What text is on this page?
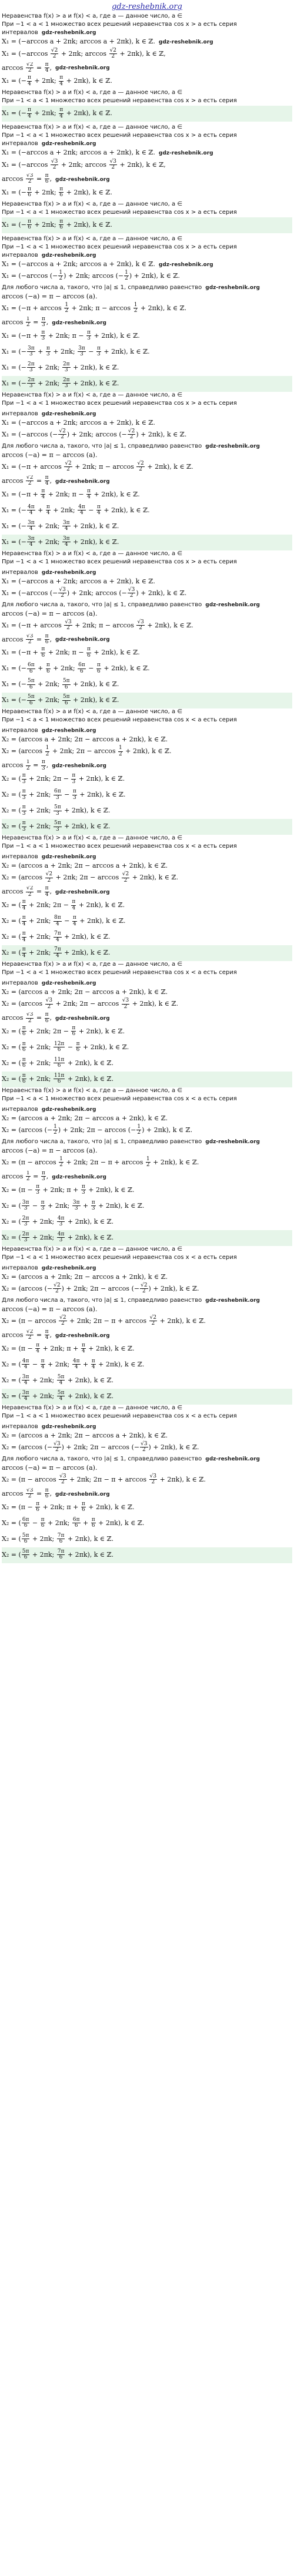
gdz-reshebnik.org
Неравенства f(x) > a и f(x) < a, где a — данное число, a ∈
При −1 < a < 1 множество всех решений неравенства cos x > a есть серия
интервалов gdz-reshebnik.org
X₁ = (−arccos a + 2πk; arccos a + 2πk), k ∈ ℤ. gdz-reshebnik.org
$X_1 = (-\arccos \frac{√2}{2} + 2\pi k$; $\arccos \frac{√2}{2} + 2\pi k$), k ∈ ℤ,
$\arccos \frac{√2}{2} = \frac{\pi}{4}$ , gdz-reshebnik.org
X₁ = (− $\frac{\pi}{4} + 2\pi k$; $\frac{\pi}{4} + 2\pi k$), k ∈ ℤ.
Неравенства f(x) > a и f(x) < a, где a — данное число, a ∈
При −1 < a < 1 множество всех решений неравенства cos x > a есть серия
X₁ = (− $\frac{\pi}{4} + 2\pi k$; $\frac{\pi}{4} + 2\pi k$), k ∈ ℤ.
Неравенства f(x) > a и f(x) < a, где a — данное число, a ∈
При −1 < a < 1 множество всех решений неравенства cos x > a есть серия
интервалов gdz-reshebnik.org
X₁ = (−arccos a + 2πk; arccos a + 2πk), k ∈ ℤ. gdz-reshebnik.org
$X_1 = (-\arccos \frac{√3}{2} + 2\pi k$; $\arccos \frac{√3}{2} + 2\pi k$), k ∈ ℤ,
$\arccos \frac{√3}{2} = \frac{\pi}{6}$ , gdz-reshebnik.org
X₁ = (− $\frac{\pi}{6} + 2\pi k$; $\frac{\pi}{6} + 2\pi k$), k ∈ ℤ.
Неравенства f(x) > a и f(x) < a, где a — данное число, a ∈
При −1 < a < 1 множество всех решений неравенства cos x > a есть серия
X₁ = (− $\frac{\pi}{6} + 2\pi k$; $\frac{\pi}{6} + 2\pi k$), k ∈ ℤ.
Неравенства f(x) > a и f(x) < a, где a — данное число, a ∈
При −1 < a < 1 множество всех решений неравенства cos x > a есть серия
интервалов gdz-reshebnik.org
X₁ = (−arccos a + 2πk; arccos a + 2πk), k ∈ ℤ. gdz-reshebnik.org
X₁ = (−arccos (− $\frac{1}{2}$ ) + 2πk; arccos (− $\frac{1}{2}$ ) + 2πk), k ∈ ℤ.
Для любого числа a, такого, что |a| ≤ 1, справедливо равенство gdz-reshebnik.org
arccos (−a) = π − arccos (a).
$X_1 = (-\pi + \arccos \frac{1}{2} + 2\pi k$; $\pi - \arccos \frac{1}{2} + 2\pi k$), k ∈ ℤ.
$\arccos \frac{1}{2} = \frac{\pi}{3}$ , gdz-reshebnik.org
$X_1 = (-\pi + \frac{\pi}{3} + 2\pi k$; $\pi - \frac{\pi}{3} + 2\pi k$), k ∈ ℤ.
X₁ = (− $\frac{3\pi}{3} + \frac{\pi}{3} + 2\pi k$; $\frac{3\pi}{3} - \frac{\pi}{3} + 2\pi k$), k ∈ ℤ.
X₁ = (− $\frac{2\pi}{3} + 2\pi k$; $\frac{2\pi}{3} + 2\pi k$), k ∈ ℤ.
X₁ = (− $\frac{2\pi}{3} + 2\pi k$; $\frac{2\pi}{3} + 2\pi k$), k ∈ ℤ.
Неравенства f(x) > a и f(x) < a, где a — данное число, a ∈
При −1 < a < 1 множество всех решений неравенства cos x > a есть серия
интервалов gdz-reshebnik.org
X₁ = (−arccos a + 2πk; arccos a + 2πk), k ∈ ℤ.
X₁ = (−arccos (− $\frac{√2}{2}$ ) + 2πk; arccos (− $\frac{√2}{2}$ ) + 2πk), k ∈ ℤ.
Для любого числа a, такого, что |a| ≤ 1, справедливо равенство gdz-reshebnik.org
arccos (−a) = π − arccos (a).
$X_1 = (-\pi + \arccos \frac{√2}{2} + 2\pi k$; $\pi - \arccos \frac{√2}{2} + 2\pi k$), k ∈ ℤ.
$\arccos \frac{√2}{2} = \frac{\pi}{4}$ , gdz-reshebnik.org
$X_1 = (-\pi + \frac{\pi}{4} + 2\pi k$; $\pi - \frac{\pi}{4} + 2\pi k$), k ∈ ℤ.
X₁ = (− $\frac{4\pi}{4} + \frac{\pi}{4} + 2\pi k$; $\frac{4\pi}{4} - \frac{\pi}{4} + 2\pi k$), k ∈ ℤ.
X₁ = (− $\frac{3\pi}{4} + 2\pi k$; $\frac{3\pi}{4} + 2\pi k$), k ∈ ℤ.
X₁ = (− $\frac{3\pi}{4} + 2\pi k$; $\frac{3\pi}{4} + 2\pi k$), k ∈ ℤ.
Неравенства f(x) > a и f(x) < a, где a — данное число, a ∈
При −1 < a < 1 множество всех решений неравенства cos x > a есть серия
интервалов gdz-reshebnik.org
X₁ = (−arccos a + 2πk; arccos a + 2πk), k ∈ ℤ.
X₁ = (−arccos (− $\frac{√3}{2}$ ) + 2πk; arccos (− $\frac{√3}{2}$ ) + 2πk), k ∈ ℤ.
Для любого числа a, такого, что |a| ≤ 1, справедливо равенство gdz-reshebnik.org
arccos (−a) = π − arccos (a).
$X_1 = (-\pi + \arccos \frac{√3}{2} + 2\pi k$; $\pi - \arccos \frac{√3}{2} + 2\pi k$), k ∈ ℤ.
$\arccos \frac{√3}{2} = \frac{\pi}{6}$ , gdz-reshebnik.org
$X_1 = (-\pi + \frac{\pi}{6} + 2\pi k$; $\pi - \frac{\pi}{6} + 2\pi k$), k ∈ ℤ.
X₁ = (− $\frac{6\pi}{6} + \frac{\pi}{6} + 2\pi k$; $\frac{6\pi}{6} - \frac{\pi}{6} + 2\pi k$), k ∈ ℤ.
X₁ = (− $\frac{5\pi}{6} + 2\pi k$; $\frac{5\pi}{6} + 2\pi k$), k ∈ ℤ.
X₁ = (− $\frac{5\pi}{6} + 2\pi k$; $\frac{5\pi}{6} + 2\pi k$), k ∈ ℤ.
Неравенства f(x) > a и f(x) < a, где a — данное число, a ∈
При −1 < a < 1 множество всех решений неравенства cos x < a есть серия
интервалов gdz-reshebnik.org
X₂ = (arccos a + 2πk; 2π − arccos a + 2πk), k ∈ ℤ.
$X_2 = (\arccos \frac{1}{2} + 2\pi k$; $2\pi - \arccos \frac{1}{2} + 2\pi k$), k ∈ ℤ.
$\arccos \frac{1}{2} = \frac{\pi}{3}$ , gdz-reshebnik.org
X₂ = ( $\frac{\pi}{3} + 2\pi k$; $2\pi - \frac{\pi}{3} + 2\pi k$), k ∈ ℤ.
X₂ = ( $\frac{\pi}{3} + 2\pi k$; $\frac{6\pi}{3} - \frac{\pi}{3} + 2\pi k$), k ∈ ℤ.
X₂ = ( $\frac{\pi}{3} + 2\pi k$; $\frac{5\pi}{3} + 2\pi k$), k ∈ ℤ.
X₂ = ( $\frac{\pi}{3} + 2\pi k$; $\frac{5\pi}{3} + 2\pi k$), k ∈ ℤ.
Неравенства f(x) > a и f(x) < a, где a — данное число, a ∈
При −1 < a < 1 множество всех решений неравенства cos x < a есть серия
интервалов gdz-reshebnik.org
X₂ = (arccos a + 2πk; 2π − arccos a + 2πk), k ∈ ℤ.
$X_2 = (\arccos \frac{√2}{2} + 2\pi k$; $2\pi - \arccos \frac{√2}{2} + 2\pi k$), k ∈ ℤ.
$\arccos \frac{√2}{2} = \frac{\pi}{4}$ , gdz-reshebnik.org
X₂ = ( $\frac{\pi}{4} + 2\pi k$; $2\pi - \frac{\pi}{4} + 2\pi k$), k ∈ ℤ.
X₂ = ( $\frac{\pi}{4} + 2\pi k$; $\frac{8\pi}{4} - \frac{\pi}{4} + 2\pi k$), k ∈ ℤ.
X₂ = ( $\frac{\pi}{4} + 2\pi k$; $\frac{7\pi}{4} + 2\pi k$), k ∈ ℤ.
X₂ = ( $\frac{\pi}{4} + 2\pi k$; $\frac{7\pi}{4} + 2\pi k$), k ∈ ℤ.
Неравенства f(x) > a и f(x) < a, где a — данное число, a ∈
При −1 < a < 1 множество всех решений неравенства cos x < a есть серия
интервалов gdz-reshebnik.org
X₂ = (arccos a + 2πk; 2π − arccos a + 2πk), k ∈ ℤ.
$X_2 = (\arccos \frac{√3}{2} + 2\pi k$; $2\pi - \arccos \frac{√3}{2} + 2\pi k$), k ∈ ℤ.
$\arccos \frac{√3}{2} = \frac{\pi}{6}$ , gdz-reshebnik.org
X₂ = ( $\frac{\pi}{6} + 2\pi k$; $2\pi - \frac{\pi}{6} + 2\pi k$), k ∈ ℤ.
X₂ = ( $\frac{\pi}{6} + 2\pi k$; $\frac{12\pi}{6} - \frac{\pi}{6} + 2\pi k$), k ∈ ℤ.
X₂ = ( $\frac{\pi}{6} + 2\pi k$; $\frac{11\pi}{6} + 2\pi k$), k ∈ ℤ.
X₂ = ( $\frac{\pi}{6} + 2\pi k$; $\frac{11\pi}{6} + 2\pi k$), k ∈ ℤ.
Неравенства f(x) > a и f(x) < a, где a — данное число, a ∈
При −1 < a < 1 множество всех решений неравенства cos x < a есть серия
интервалов gdz-reshebnik.org
X₂ = (arccos a + 2πk; 2π − arccos a + 2πk), k ∈ ℤ.
X₂ = (arccos (− $\frac{1}{2}$ ) + 2πk; 2π − arccos (− $\frac{1}{2}$ ) + 2πk), k ∈ ℤ.
Для любого числа a, такого, что |a| ≤ 1, справедливо равенство gdz-reshebnik.org
arccos (−a) = π − arccos (a).
$X_2 = (\pi - \arccos \frac{1}{2} + 2\pi k$; $2\pi - \pi + \arccos \frac{1}{2} + 2\pi k$), k ∈ ℤ.
$\arccos \frac{1}{2} = \frac{\pi}{3}$ , gdz-reshebnik.org
$X_2 = (\pi - \frac{\pi}{3} + 2\pi k$; $\pi + \frac{\pi}{3} + 2\pi k$), k ∈ ℤ.
X₂ = ( $\frac{3\pi}{3} - \frac{\pi}{3} + 2\pi k$; $\frac{3\pi}{3} + \frac{\pi}{3} + 2\pi k$), k ∈ ℤ.
X₂ = ( $\frac{2\pi}{3} + 2\pi k$; $\frac{4\pi}{3} + 2\pi k$), k ∈ ℤ.
X₂ = ( $\frac{2\pi}{3} + 2\pi k$; $\frac{4\pi}{3} + 2\pi k$), k ∈ ℤ.
Неравенства f(x) > a и f(x) < a, где a — данное число, a ∈
При −1 < a < 1 множество всех решений неравенства cos x < a есть серия
интервалов gdz-reshebnik.org
X₂ = (arccos a + 2πk; 2π − arccos a + 2πk), k ∈ ℤ.
X₂ = (arccos (− $\frac{√2}{2}$ ) + 2πk; 2π − arccos (− $\frac{√2}{2}$ ) + 2πk), k ∈ ℤ.
Для любого числа a, такого, что |a| ≤ 1, справедливо равенство gdz-reshebnik.org
arccos (−a) = π − arccos (a).
$X_2 = (\pi - \arccos \frac{√2}{2} + 2\pi k$; $2\pi - \pi + \arccos \frac{√2}{2} + 2\pi k$), k ∈ ℤ.
$\arccos \frac{√2}{2} = \frac{\pi}{4}$ , gdz-reshebnik.org
$X_2 = (\pi - \frac{\pi}{4} + 2\pi k$; $\pi + \frac{\pi}{4} + 2\pi k$), k ∈ ℤ.
X₂ = ( $\frac{4\pi}{4} - \frac{\pi}{4} + 2\pi k$; $\frac{4\pi}{4} + \frac{\pi}{4} + 2\pi k$), k ∈ ℤ.
X₂ = ( $\frac{3\pi}{4} + 2\pi k$; $\frac{5\pi}{4} + 2\pi k$), k ∈ ℤ.
X₂ = ( $\frac{3\pi}{4} + 2\pi k$; $\frac{5\pi}{4} + 2\pi k$), k ∈ ℤ.
Неравенства f(x) > a и f(x) < a, где a — данное число, a ∈
При −1 < a < 1 множество всех решений неравенства cos x < a есть серия
интервалов gdz-reshebnik.org
X₂ = (arccos a + 2πk; 2π − arccos a + 2πk), k ∈ ℤ.
X₂ = (arccos (− $\frac{√3}{2}$ ) + 2πk; 2π − arccos (− $\frac{√3}{2}$ ) + 2πk), k ∈ ℤ.
Для любого числа a, такого, что |a| ≤ 1, справедливо равенство gdz-reshebnik.org
arccos (−a) = π − arccos (a).
$X_2 = (\pi - \arccos \frac{√3}{2} + 2\pi k$; $2\pi - \pi + \arccos \frac{√3}{2} + 2\pi k$), k ∈ ℤ.
$\arccos \frac{√3}{2} = \frac{\pi}{6}$ , gdz-reshebnik.org
$X_2 = (\pi - \frac{\pi}{6} + 2\pi k$; $\pi + \frac{\pi}{6} + 2\pi k$), k ∈ ℤ.
X₂ = ( $\frac{6\pi}{6} - \frac{\pi}{6} + 2\pi k$; $\frac{6\pi}{6} + \frac{\pi}{6} + 2\pi k$), k ∈ ℤ.
X₂ = ( $\frac{5\pi}{6} + 2\pi k$; $\frac{7\pi}{6} + 2\pi k$), k ∈ ℤ.
X₂ = ( $\frac{5\pi}{6} + 2\pi k$; $\frac{7\pi}{6} + 2\pi k$), k ∈ ℤ.
